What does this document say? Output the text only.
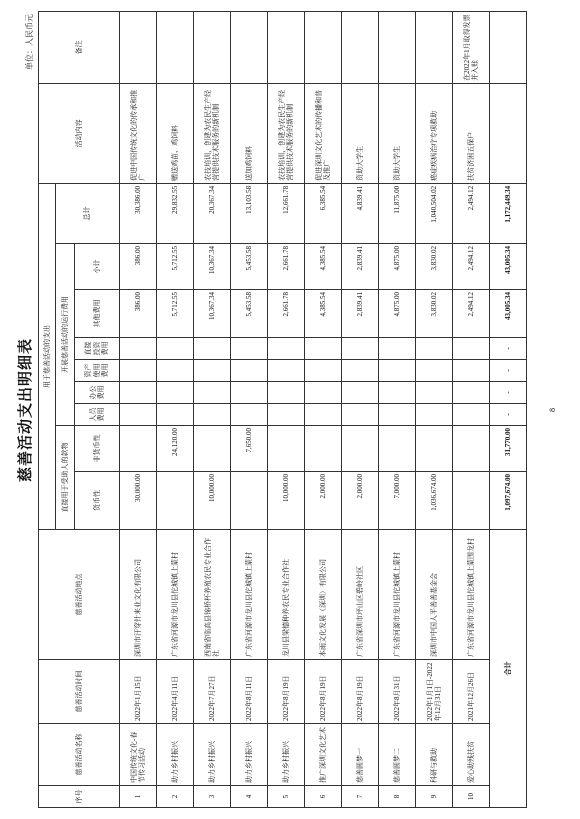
慈善活动支出明细表
单位：人民币元
序号	慈善活动名称	慈善活动时间	慈善活动地点	用于慈善活动的支出									活动内容	备注
				直接用于受助人的款物		开展慈善活动的运行费用						总计		
				货币性	非货币性	人员费用	办公费用	资产使用费用	直接投资费用	其他费用	小计			
1	中国传统文化-春节传习活动	2022年1月15日	深圳市汗穿针来业文化有限公司	30,000.00						386.00	386.00	30,386.00	促进中国传统文化的传承和推广	
2	助力乡村振兴	2022年4月11日	广东省河源市龙川县佗城镇上蒙村		24,120.00					5,712.55	5,712.55	29,832.55	赠送鸡苗、鸡饲料	
3	助力乡村振兴	2022年7月27日	西南省临高县锦桥杯养殖农民专业合作社	10,000.00						10,367.34	10,367.34	20,367.34	农技培训，创建为农民生产经营提供技术服务的新机制	
4	助力乡村振兴	2022年8月11日	广东省河源市龙川县佗城镇上蒙村		7,650.00					5,453.58	5,453.58	13,103.58	送加鸡饲料	
5	助力乡村振兴	2022年8月19日	龙川县梁德种养农民专业合作社	10,000.00						2,661.78	2,661.78	12,661.78	农技培训，创建为农民生产经营提供技术服务的新机制	
6	推广深圳文化艺术	2022年8月19日	本雨文化发展（深圳）有限公司	2,000.00						4,385.54	4,385.54	6,385.54	促进深圳文化艺术的传播和普及推广	
7	慈善圆梦一	2022年8月19日	广东省深圳市坪山区碧岭社区	2,000.00						2,839.41	2,839.41	4,839.41	资助大学生	
8	慈善圆梦二	2022年8月31日	广东省河源市龙川县佗城镇上蒙村	7,000.00						4,875.00	4,875.00	11,875.00	资助大学生	
9	科研与救助	2022年1月1日-2022年12月31日	深圳市中国人平善善基金会	1,036,674.00						3,830.02	3,830.02	1,040,504.02	癌症疾病治疗专项救助	
10	爱心助残扶贫	2021年12月26日	广东省河源市龙川县佗城镇上蒙围龙村							2,494.12	2,494.12	2,494.12	扶贫济困五保户	在2022年1月取得发票并入账
合计				1,097,674.00	31,770.00	-	-	-	-	43,005.34	43,005.34	1,172,449.34		
8
